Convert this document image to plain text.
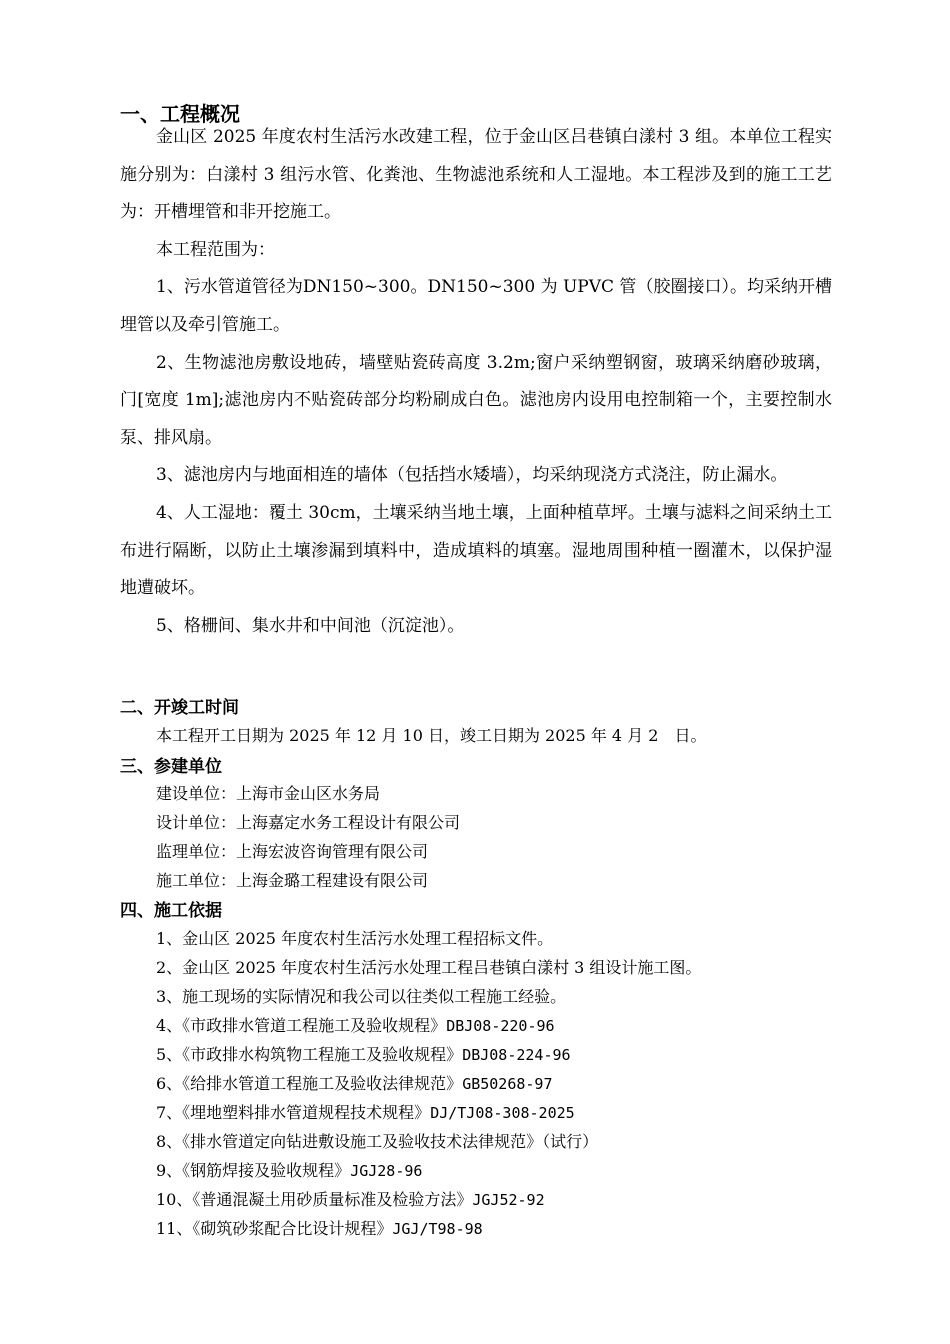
一、工程概况

金山区 2025 年度农村生活污水改建工程，位于金山区吕巷镇白漾村 3 组。本单位工程实施分别为：白漾村 3 组污水管、化粪池、生物滤池系统和人工湿地。本工程涉及到的施工工艺为：开槽埋管和非开挖施工。

本工程范围为：

1、污水管道管径为DN150~300。DN150~300 为 UPVC 管（胶圈接口）。均采纳开槽埋管以及牵引管施工。

2、生物滤池房敷设地砖，墙壁贴瓷砖高度 3.2m;窗户采纳塑钢窗，玻璃采纳磨砂玻璃，门[宽度 1m];滤池房内不贴瓷砖部分均粉刷成白色。滤池房内设用电控制箱一个，主要控制水泵、排风扇。

3、滤池房内与地面相连的墙体（包括挡水矮墙），均采纳现浇方式浇注，防止漏水。

4、人工湿地：覆土 30cm，土壤采纳当地土壤，上面种植草坪。土壤与滤料之间采纳土工布进行隔断，以防止土壤渗漏到填料中，造成填料的填塞。湿地周围种植一圈灌木，以保护湿地遭破坏。

5、格栅间、集水井和中间池（沉淀池）。

二、开竣工时间
本工程开工日期为 2025 年 12 月 10 日，竣工日期为 2025 年 4 月 2　日。
三、参建单位
建设单位：上海市金山区水务局
设计单位：上海嘉定水务工程设计有限公司
监理单位：上海宏波咨询管理有限公司
施工单位：上海金璐工程建设有限公司
四、施工依据
1、金山区 2025 年度农村生活污水处理工程招标文件。
2、金山区 2025 年度农村生活污水处理工程吕巷镇白漾村 3 组设计施工图。
3、施工现场的实际情况和我公司以往类似工程施工经验。
4、《市政排水管道工程施工及验收规程》DBJ08-220-96
5、《市政排水构筑物工程施工及验收规程》DBJ08-224-96
6、《给排水管道工程施工及验收法律规范》GB50268-97
7、《埋地塑料排水管道规程技术规程》DJ/TJ08-308-2025
8、《排水管道定向钻进敷设施工及验收技术法律规范》（试行）
9、《钢筋焊接及验收规程》JGJ28-96
10、《普通混凝土用砂质量标准及检验方法》JGJ52-92
11、《砌筑砂浆配合比设计规程》JGJ/T98-98
